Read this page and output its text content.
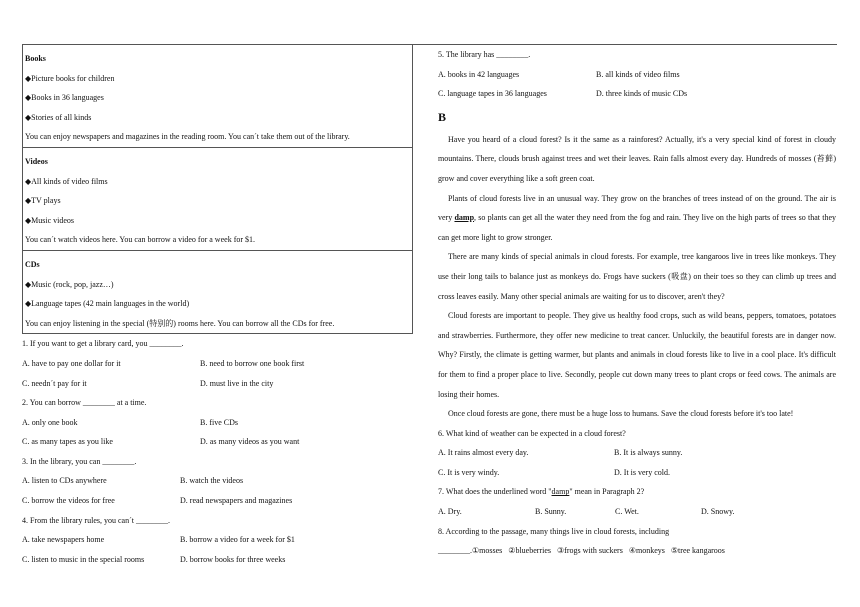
Books
◆Picture books for children
◆Books in 36 languages
◆Stories of all kinds
You can enjoy newspapers and magazines in the reading room. You can´t take them out of the library.
Videos
◆All kinds of video films
◆TV plays
◆Music videos
You can´t watch videos here. You can borrow a video for a week for $1.
CDs
◆Music (rock, pop, jazz…)
◆Language tapes (42 main languages in the world)
You can enjoy listening in the special (特别的) rooms here. You can borrow all the CDs for free.
1. If you want to get a library card, you ________.
A. have to pay one dollar for it	B. need to borrow one book first
C. needn´t pay for it	D. must live in the city
2. You can borrow ________ at a time.
A. only one book	B. five CDs
C. as many tapes as you like	D. as many videos as you want
3. In the library, you can ________.
A. listen to CDs anywhere	B. watch the videos
C. borrow the videos for free	D. read newspapers and magazines
4. From the library rules, you can´t ________.
A. take newspapers home	B. borrow a video for a week for $1
C. listen to music in the special rooms	D. borrow books for three weeks
5. The library has ________.
A. books in 42 languages	B. all kinds of video films
C. language tapes in 36 languages	D. three kinds of music CDs
B
Have you heard of a cloud forest? Is it the same as a rainforest? Actually, it's a very special kind of forest in cloudy mountains. There, clouds brush against trees and wet their leaves. Rain falls almost every day. Hundreds of mosses (苔藓) grow and cover everything like a soft green coat.
Plants of cloud forests live in an unusual way. They grow on the branches of trees instead of on the ground. The air is very damp, so plants can get all the water they need from the fog and rain. They live on the high parts of trees so that they can get more light to grow stronger.
There are many kinds of special animals in cloud forests. For example, tree kangaroos live in trees like monkeys. They use their long tails to balance just as monkeys do. Frogs have suckers (吸盘) on their toes so they can climb up trees and cross leaves easily. Many other special animals are waiting for us to discover, aren't they?
Cloud forests are important to people. They give us healthy food crops, such as wild beans, peppers, tomatoes, potatoes and strawberries. Furthermore, they offer new medicine to treat cancer. Unluckily, the beautiful forests are in danger now. Why? Firstly, the climate is getting warmer, but plants and animals in cloud forests like to live in a cool place. It's difficult for them to find a proper place to live. Secondly, people cut down many trees to plant crops or feed cows. The animals are losing their homes.
Once cloud forests are gone, there must be a huge loss to humans. Save the cloud forests before it's too late!
6. What kind of weather can be expected in a cloud forest?
A. It rains almost every day.	B. It is always sunny.
C. It is very windy.	D. It is very cold.
7. What does the underlined word "damp" mean in Paragraph 2?
A. Dry.	B. Sunny.	C. Wet.	D. Snowy.
8. According to the passage, many things live in cloud forests, including
________.①mosses   ②blueberries   ③frogs with suckers   ④monkeys   ⑤tree kangaroos
